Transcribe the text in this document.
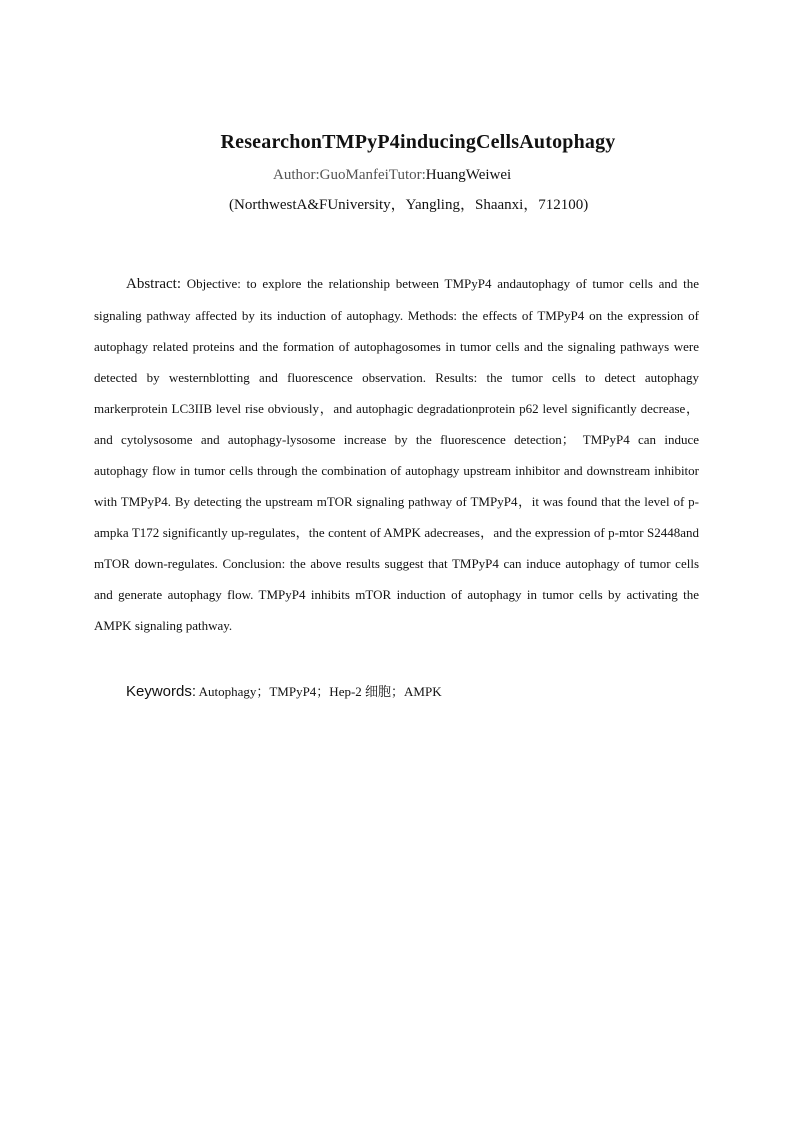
ResearchonTMPyP4inducingCellsAutophagy
Author:GuoManfeiTutor:HuangWeiwei
(NorthwestA&FUniversity，Yangling，Shaanxi，712100)
Abstract: Objective: to explore the relationship between TMPyP4 andautophagy of tumor cells and the signaling pathway affected by its induction of autophagy. Methods: the effects of TMPyP4 on the expression of autophagy related proteins and the formation of autophagosomes in tumor cells and the signaling pathways were detected by westernblotting and fluorescence observation. Results: the tumor cells to detect autophagy markerprotein LC3IIB level rise obviously，and autophagic degradationprotein p62 level significantly decrease， and cytolysosome and autophagy-lysosome increase by the fluorescence detection； TMPyP4 can induce autophagy flow in tumor cells through the combination of autophagy upstream inhibitor and downstream inhibitor with TMPyP4. By detecting the upstream mTOR signaling pathway of TMPyP4，it was found that the level of p-ampka T172 significantly up-regulates，the content of AMPK adecreases，and the expression of p-mtor S2448and mTOR down-regulates. Conclusion: the above results suggest that TMPyP4 can induce autophagy of tumor cells and generate autophagy flow. TMPyP4 inhibits mTOR induction of autophagy in tumor cells by activating the AMPK signaling pathway.
Keywords: Autophagy；TMPyP4；Hep-2 细胞；AMPK
